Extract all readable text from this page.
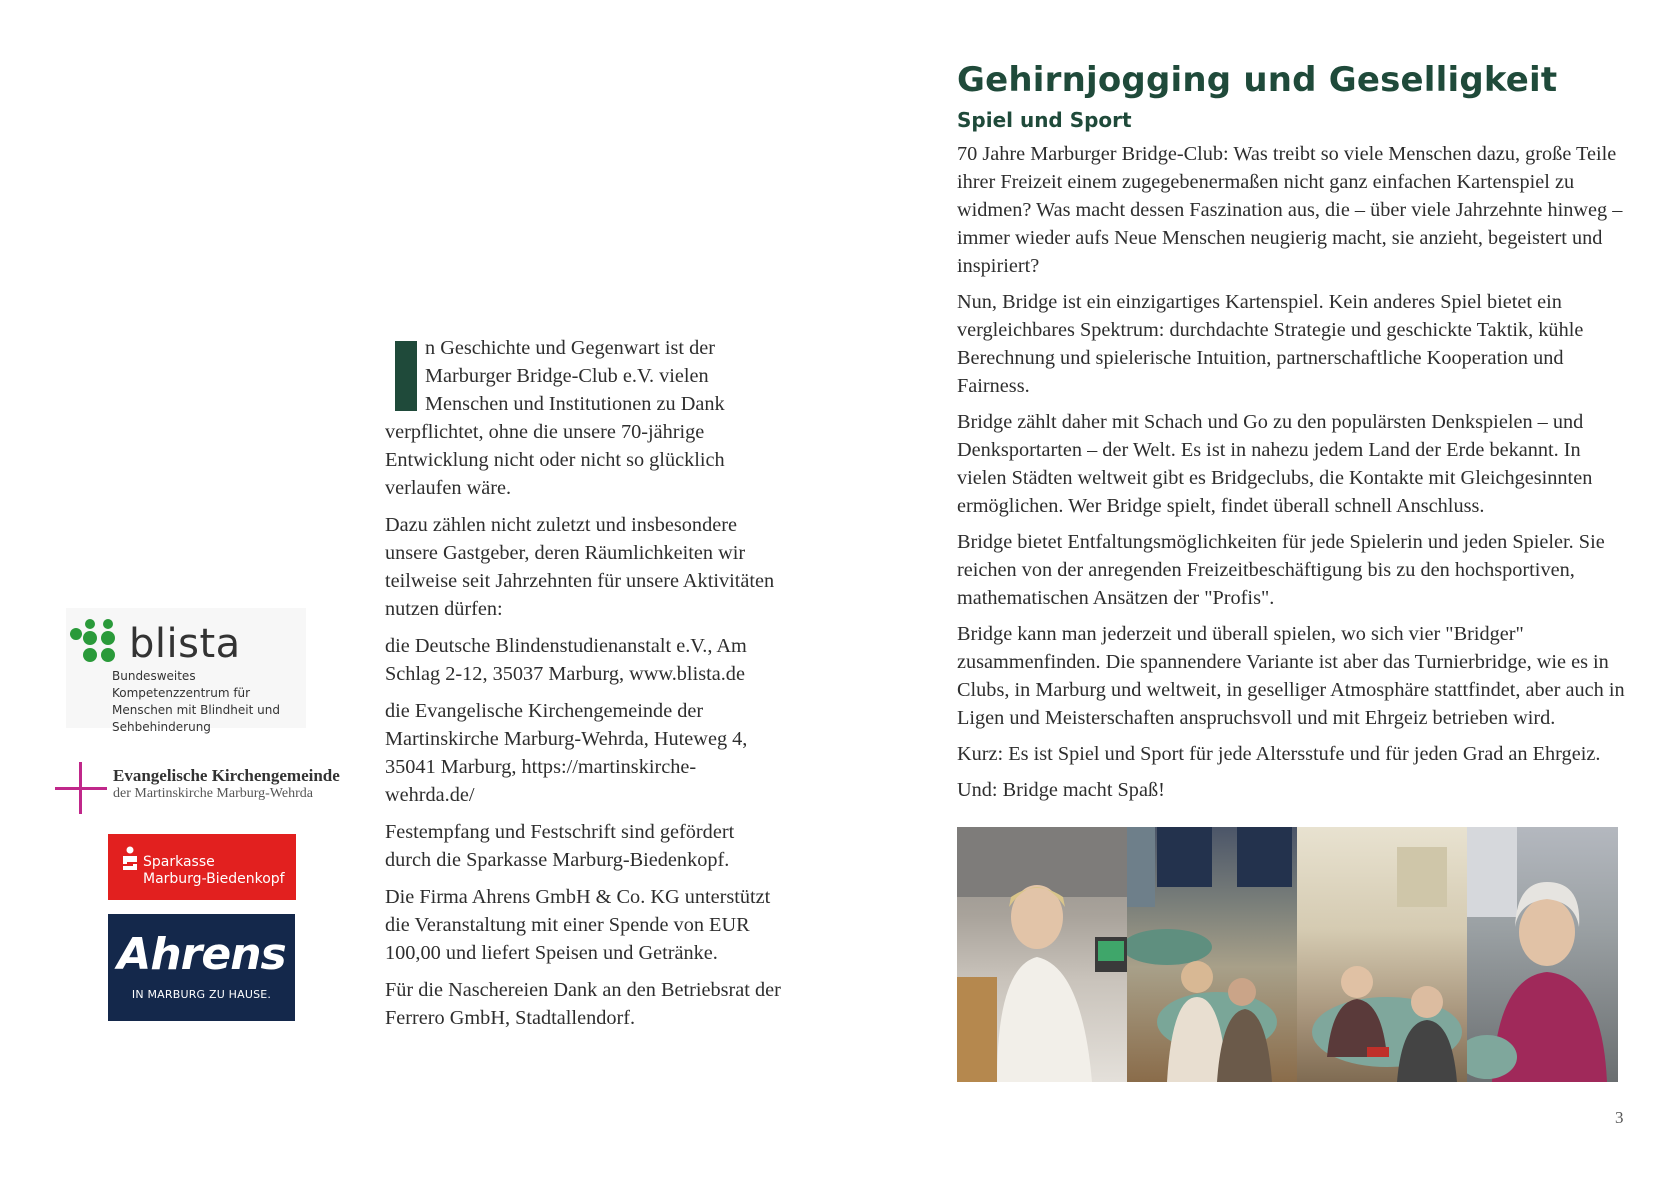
blista
Bundesweites Kompetenzzentrum für Menschen mit Blindheit und Sehbehinderung
Evangelische Kirchengemeinde
der Martinskirche Marburg-Wehrda
Sparkasse
Marburg-Biedenkopf
Ahrens
IN MARBURG ZU HAUSE.

n Geschichte und Gegenwart ist der Marburger Bridge-Club e.V. vielen Menschen und Institutionen zu Dank verpflichtet, ohne die unsere 70-jährige Entwicklung nicht oder nicht so glücklich verlaufen wäre.

Dazu zählen nicht zuletzt und insbesondere unsere Gastgeber, deren Räumlichkeiten wir teilweise seit Jahrzehnten für unsere Aktivitäten nutzen dürfen:

die Deutsche Blindenstudienanstalt e.V., Am Schlag 2-12, 35037 Marburg, www.blista.de

die Evangelische Kirchengemeinde der Martinskirche Marburg-Wehrda, Huteweg 4, 35041 Marburg, https://martinskirche-wehrda.de/

Festempfang und Festschrift sind gefördert durch die Sparkasse Marburg-Biedenkopf.

Die Firma Ahrens GmbH & Co. KG unterstützt die Veranstaltung mit einer Spende von EUR 100,00 und liefert Speisen und Getränke.

Für die Naschereien Dank an den Betriebsrat der Ferrero GmbH, Stadtallendorf.

Gehirnjogging und Geselligkeit
Spiel und Sport

70 Jahre Marburger Bridge-Club: Was treibt so viele Menschen dazu, große Teile ihrer Freizeit einem zugegebenermaßen nicht ganz einfachen Kartenspiel zu widmen? Was macht dessen Faszination aus, die – über viele Jahrzehnte hinweg – immer wieder aufs Neue Menschen neugierig macht, sie anzieht, begeistert und inspiriert?

Nun, Bridge ist ein einzigartiges Kartenspiel. Kein anderes Spiel bietet ein vergleichbares Spektrum: durchdachte Strategie und geschickte Taktik, kühle Berechnung und spielerische Intuition, partnerschaftliche Kooperation und Fairness.

Bridge zählt daher mit Schach und Go zu den populärsten Denkspielen – und Denksportarten – der Welt. Es ist in nahezu jedem Land der Erde bekannt. In vielen Städten weltweit gibt es Bridgeclubs, die Kontakte mit Gleichgesinnten ermöglichen. Wer Bridge spielt, findet überall schnell Anschluss.

Bridge bietet Entfaltungsmöglichkeiten für jede Spielerin und jeden Spieler. Sie reichen von der anregenden Freizeitbeschäftigung bis zu den hochsportiven, mathematischen Ansätzen der "Profis".

Bridge kann man jederzeit und überall spielen, wo sich vier "Bridger" zusammenfinden. Die spannendere Variante ist aber das Turnierbridge, wie es in Clubs, in Marburg und weltweit, in geselliger Atmosphäre stattfindet, aber auch in Ligen und Meisterschaften anspruchsvoll und mit Ehrgeiz betrieben wird.

Kurz: Es ist Spiel und Sport für jede Altersstufe und für jeden Grad an Ehrgeiz.

Und: Bridge macht Spaß!

3
